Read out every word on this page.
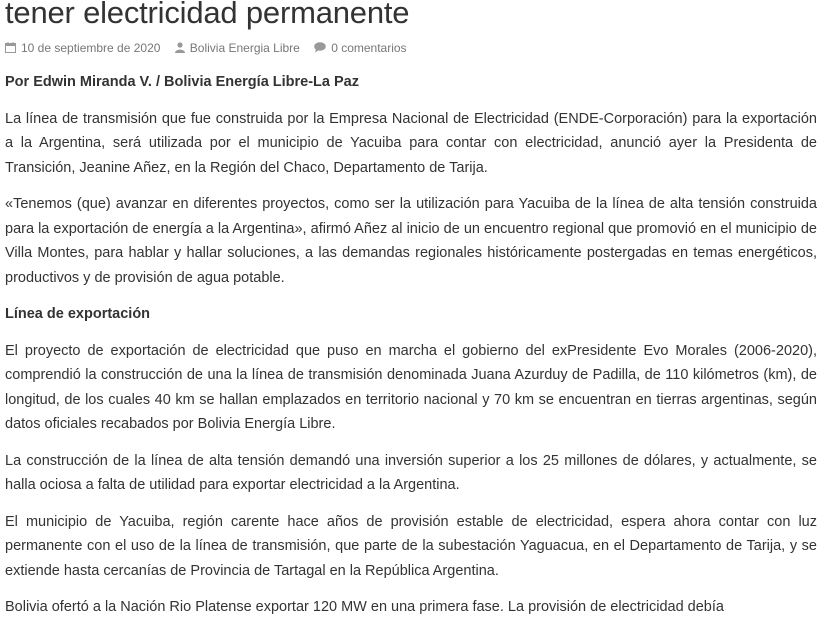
tener electricidad permanente
10 de septiembre de 2020 Bolivia Energia Libre	0 comentarios

Por Edwin Miranda V. / Bolivia Energía Libre-La Paz

La línea de transmisión que fue construida por la Empresa Nacional de Electricidad (ENDE-Corporación) para la exportación a la Argentina, será utilizada por el municipio de Yacuiba para contar con electricidad, anunció ayer la Presidenta de Transición, Jeanine Añez, en la Región del Chaco, Departamento de Tarija.

«Tenemos (que) avanzar en diferentes proyectos, como ser la utilización para Yacuiba de la línea de alta tensión construida para la exportación de energía a la Argentina», afirmó Añez al inicio de un encuentro regional que promovió en el municipio de Villa Montes, para hablar y hallar soluciones, a las demandas regionales históricamente postergadas en temas energéticos, productivos y de provisión de agua potable.

Línea de exportación

El proyecto de exportación de electricidad que puso en marcha el gobierno del exPresidente Evo Morales (2006-2020), comprendió la construcción de una la línea de transmisión denominada Juana Azurduy de Padilla, de 110 kilómetros (km), de longitud, de los cuales 40 km se hallan emplazados en territorio nacional y 70 km se encuentran en tierras argentinas, según datos oficiales recabados por Bolivia Energía Libre.

La construcción de la línea de alta tensión demandó una inversión superior a los 25 millones de dólares, y actualmente, se halla ociosa a falta de utilidad para exportar electricidad a la Argentina.

El municipio de Yacuiba, región carente hace años de provisión estable de electricidad, espera ahora contar con luz permanente con el uso de la línea de transmisión, que parte de la subestación Yaguacua, en el Departamento de Tarija, y se extiende hasta cercanías de Provincia de Tartagal en la República Argentina.

Bolivia ofertó a la Nación Rio Platense exportar 120 MW en una primera fase. La provisión de electricidad debía
